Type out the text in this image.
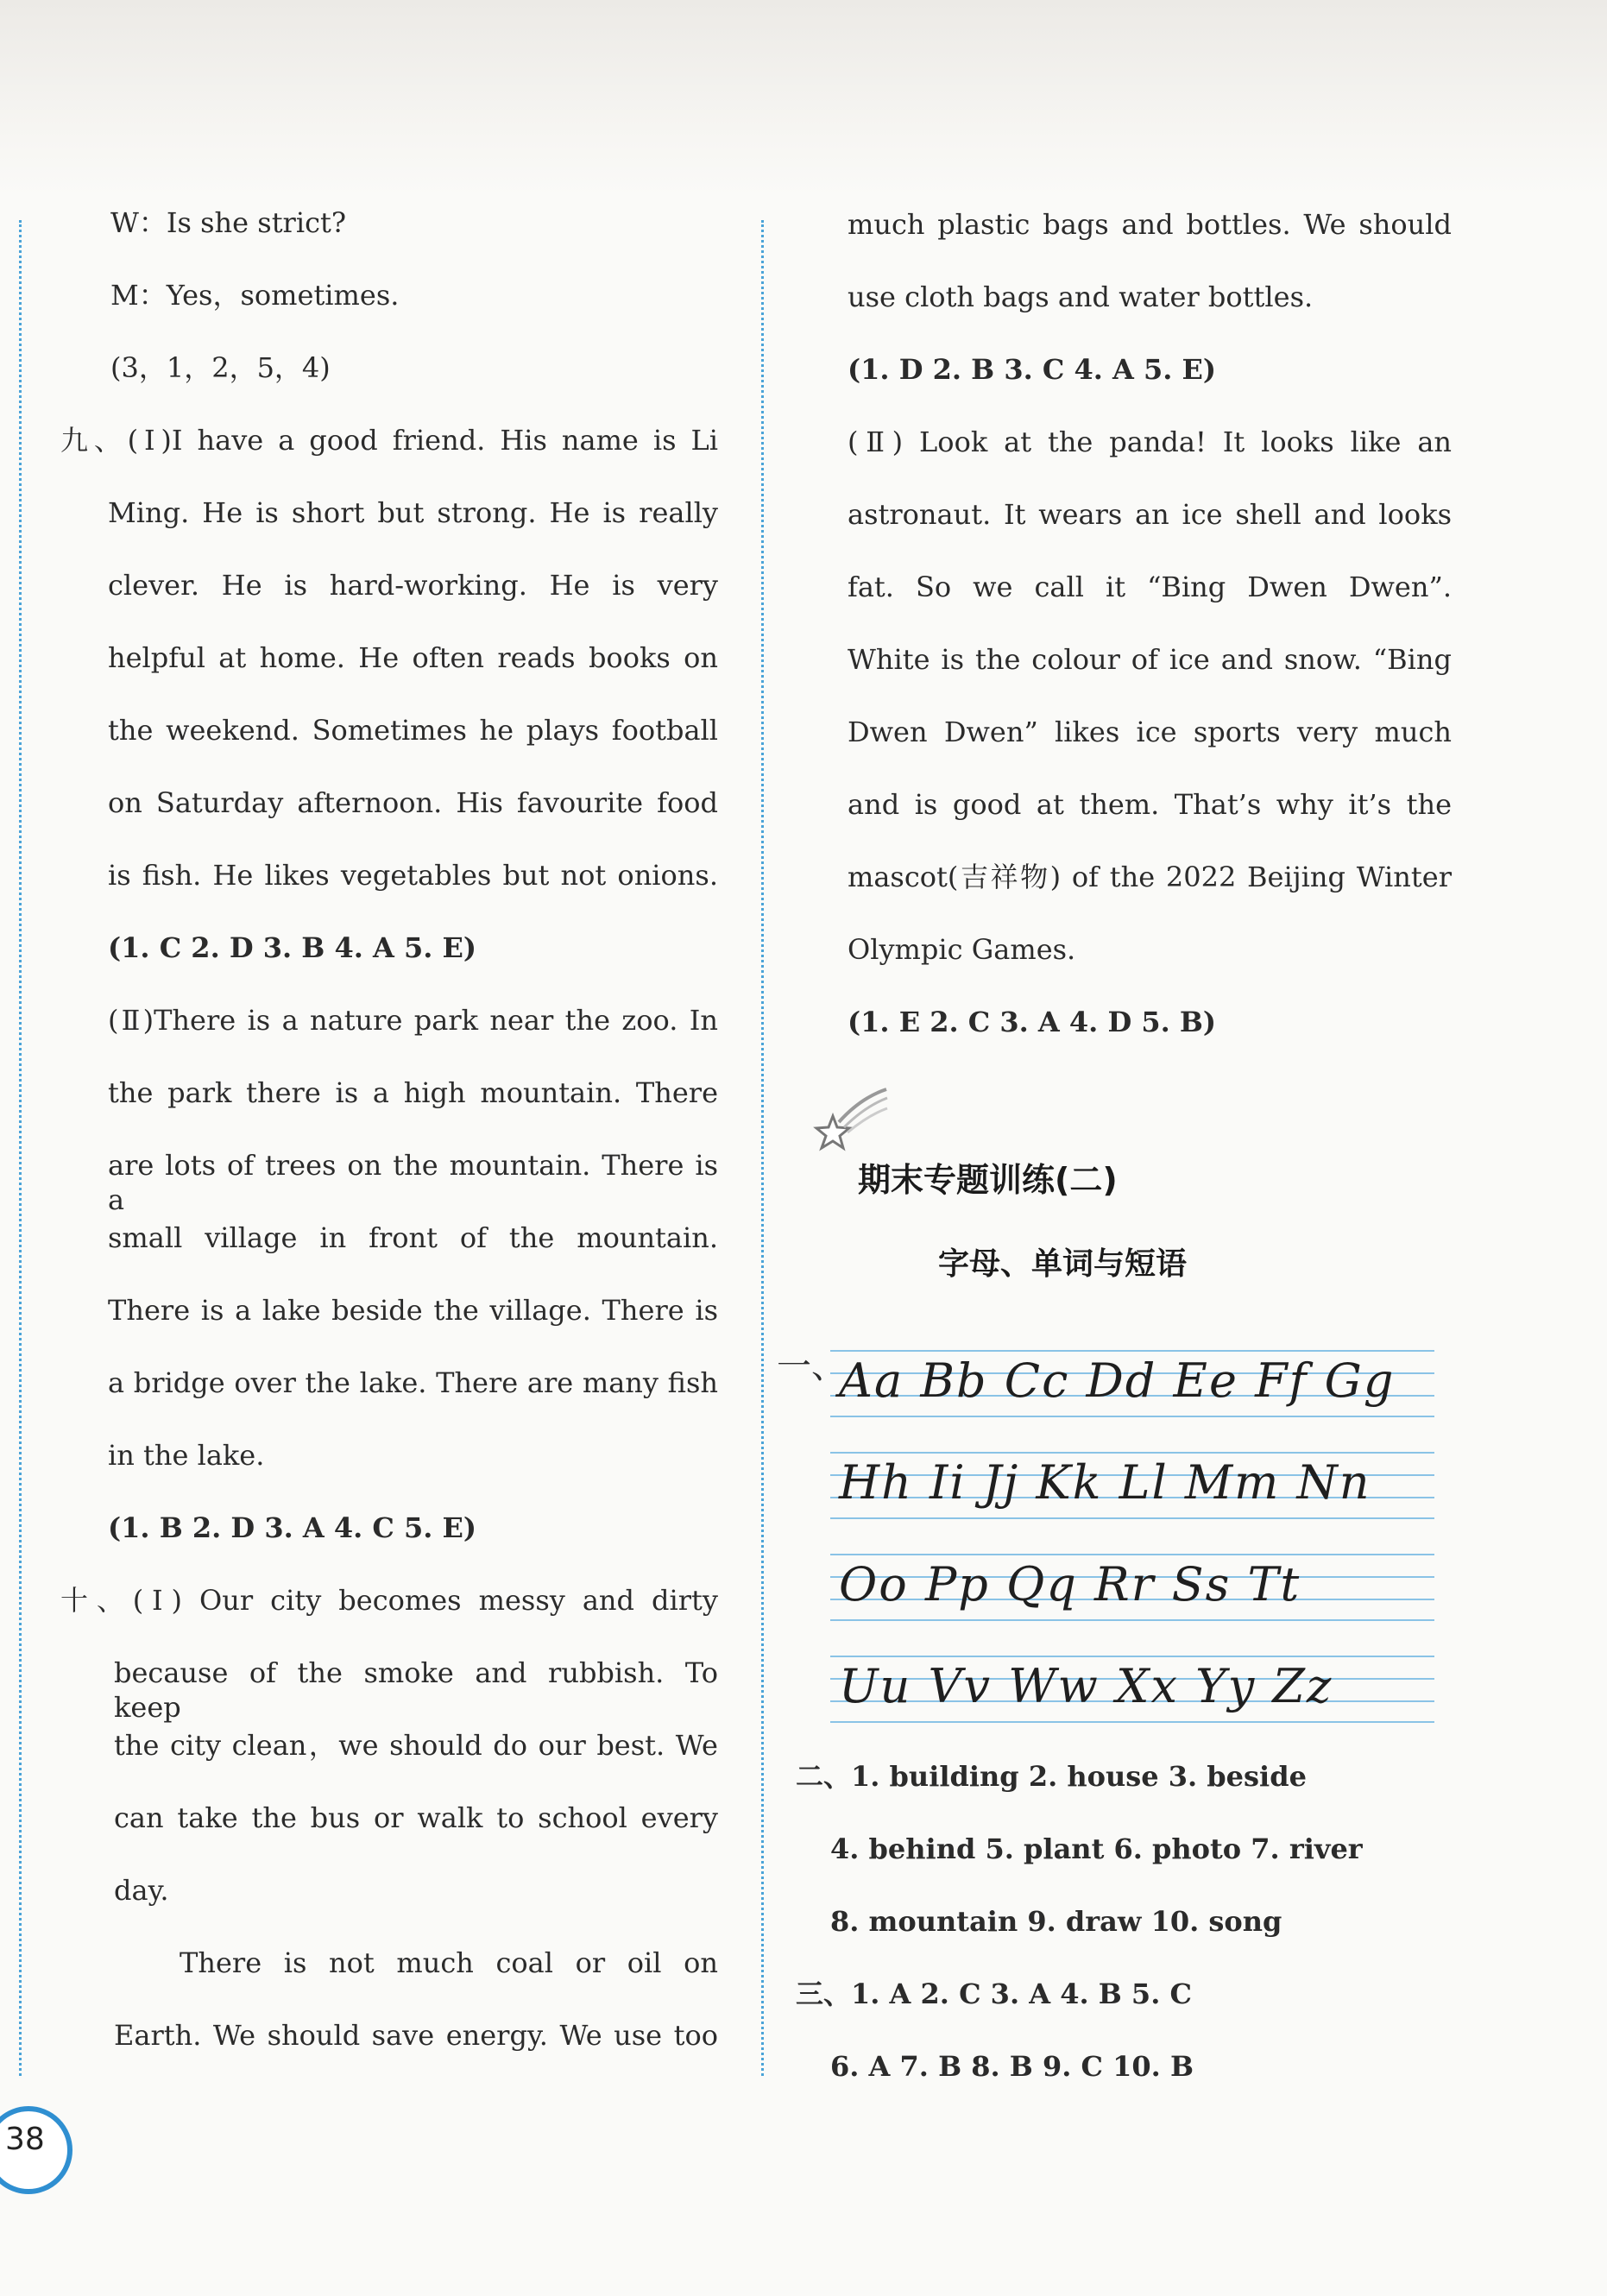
W：Is she strict?
M：Yes，sometimes.
(3，1，2，5，4)
九、(Ⅰ)I have a good friend. His name is Li
Ming. He is short but strong. He is really
clever. He is hard-working. He is very
helpful at home. He often reads books on
the weekend. Sometimes he plays football
on Saturday afternoon. His favourite food
is fish. He likes vegetables but not onions.
(1. C 2. D 3. B 4. A 5. E)
(Ⅱ)There is a nature park near the zoo. In
the park there is a high mountain. There
are lots of trees on the mountain. There is a
small village in front of the mountain.
There is a lake beside the village. There is
a bridge over the lake. There are many fish
in the lake.
(1. B 2. D 3. A 4. C 5. E)
十、(Ⅰ) Our city becomes messy and dirty
because of the smoke and rubbish. To keep
the city clean，we should do our best. We
can take the bus or walk to school every
day.
There is not much coal or oil on
Earth. We should save energy. We use too
much plastic bags and bottles. We should
use cloth bags and water bottles.
(1. D 2. B 3. C 4. A 5. E)
(Ⅱ) Look at the panda! It looks like an
astronaut. It wears an ice shell and looks
fat. So we call it “Bing Dwen Dwen”.
White is the colour of ice and snow. “Bing
Dwen Dwen” likes ice sports very much
and is good at them. That’s why it’s the
mascot(吉祥物) of the 2022 Beijing Winter
Olympic Games.
(1. E 2. C 3. A 4. D 5. B)
期末专题训练(二)
字母、单词与短语
一、
Aa Bb Cc Dd Ee Ff Gg
Hh Ii Jj Kk Ll Mm Nn
Oo Pp Qq Rr Ss Tt
Uu Vv Ww Xx Yy Zz
二、1. building 2. house 3. beside
4. behind 5. plant 6. photo 7. river
8. mountain 9. draw 10. song
三、1. A 2. C 3. A 4. B 5. C
6. A 7. B 8. B 9. C 10. B
38
